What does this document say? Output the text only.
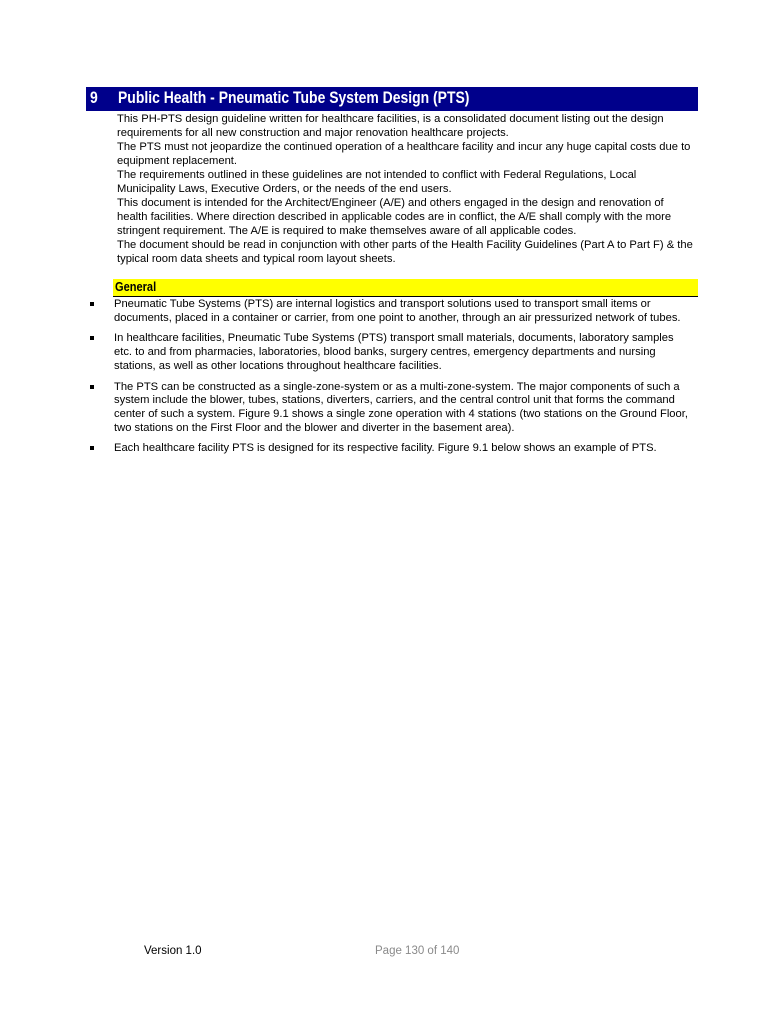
9 Public Health - Pneumatic Tube System Design (PTS)

This PH-PTS design guideline written for healthcare facilities, is a consolidated document listing out the design requirements for all new construction and major renovation healthcare projects.

The PTS must not jeopardize the continued operation of a healthcare facility and incur any huge capital costs due to equipment replacement.

The requirements outlined in these guidelines are not intended to conflict with Federal Regulations, Local Municipality Laws, Executive Orders, or the needs of the end users.

This document is intended for the Architect/Engineer (A/E) and others engaged in the design and renovation of health facilities. Where direction described in applicable codes are in conflict, the A/E shall comply with the more stringent requirement. The A/E is required to make themselves aware of all applicable codes.

The document should be read in conjunction with other parts of the Health Facility Guidelines (Part A to Part F) & the typical room data sheets and typical room layout sheets.

General
Pneumatic Tube Systems (PTS) are internal logistics and transport solutions used to transport small items or documents, placed in a container or carrier, from one point to another, through an air pressurized network of tubes.
In healthcare facilities, Pneumatic Tube Systems (PTS) transport small materials, documents, laboratory samples etc. to and from pharmacies, laboratories, blood banks, surgery centres, emergency departments and nursing stations, as well as other locations throughout healthcare facilities.
The PTS can be constructed as a single-zone-system or as a multi-zone-system. The major components of such a system include the blower, tubes, stations, diverters, carriers, and the central control unit that forms the command center of such a system. Figure 9.1 shows a single zone operation with 4 stations (two stations on the Ground Floor, two stations on the First Floor and the blower and diverter in the basement area).
Each healthcare facility PTS is designed for its respective facility. Figure 9.1 below shows an example of PTS.
Version 1.0	Page 130 of 140
